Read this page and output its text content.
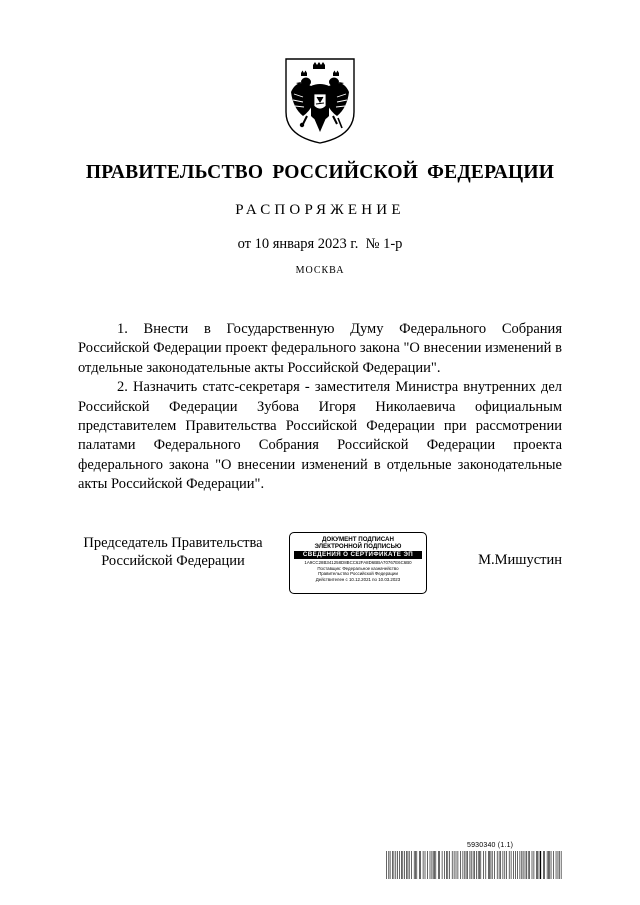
ПРАВИТЕЛЬСТВО РОССИЙСКОЙ ФЕДЕРАЦИИ
РАСПОРЯЖЕНИЕ
от 10 января 2023 г.  № 1-р
МОСКВА

1. Внести в Государственную Думу Федерального Собрания Российской Федерации проект федерального закона "О внесении изменений в отдельные законодательные акты Российской Федерации".

2. Назначить статс-секретаря - заместителя Министра внутренних дел Российской Федерации Зубова Игоря Николаевича официальным представителем Правительства Российской Федерации при рассмотрении палатами Федерального Собрания Российской Федерации проекта федерального закона "О внесении изменений в отдельные законодательные акты Российской Федерации".

Председатель Правительства
Российской Федерации
ДОКУМЕНТ ПОДПИСАН
ЭЛЕКТРОННОЙ ПОДПИСЬЮ
СВЕДЕНИЯ О СЕРТИФИКАТЕ ЭП
1A9CC28B341258D8BCC62FA8D6BBA70767E6C6B0
Поставщик: Федеральное казначейство
Правительство Российской Федерации
Действителен с 10.12.2021 по 10.03.2023
М.Мишустин
5930340 (1.1)
